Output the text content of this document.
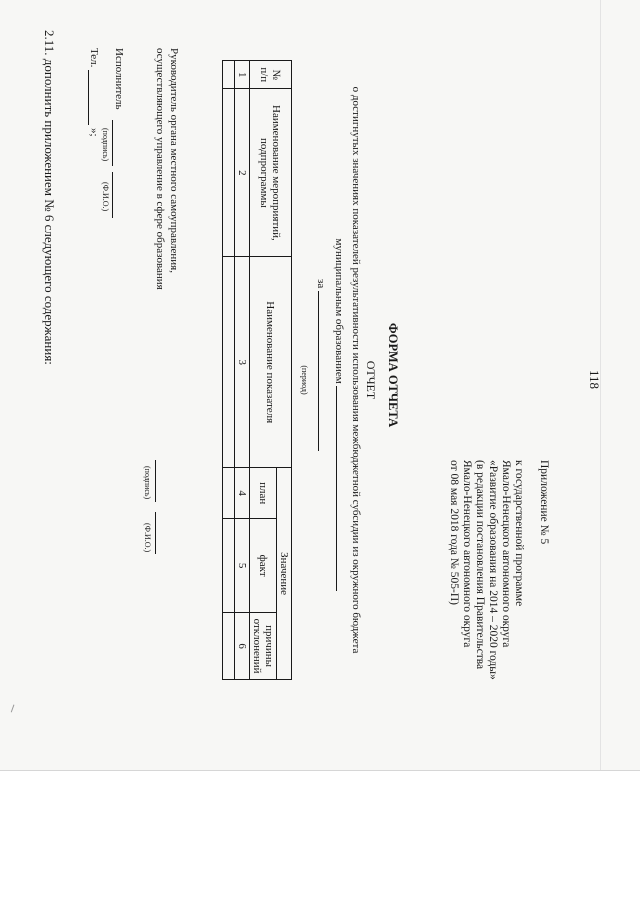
118
Приложение № 5
к государственной программе
Ямало-Ненецкого автономного округа
«Развитие образования на 2014 – 2020 годы»
(в редакции постановления Правительства
Ямало-Ненецкого автономного округа
от 08 мая 2018 года № 505-П)
ФОРМА ОТЧЕТА
ОТЧЕТ
о достигнутых значениях показателей результативности использования межбюджетной субсидии из окружного бюджета
муниципальным образованием
за
(период)
№ п/п	Наименование мероприятий, подпрограммы	Наименование показателя	Значение		
			план	факт	причины отклонений
1	2	3	4	5	6

Руководитель органа местного самоуправления,
осуществляющего управление в сфере образования
(подпись)
(Ф.И.О.)
Исполнитель
(подпись)
(Ф.И.О.)
Тел.
»;
2.11. дополнить приложением № 6 следующего содержания:
